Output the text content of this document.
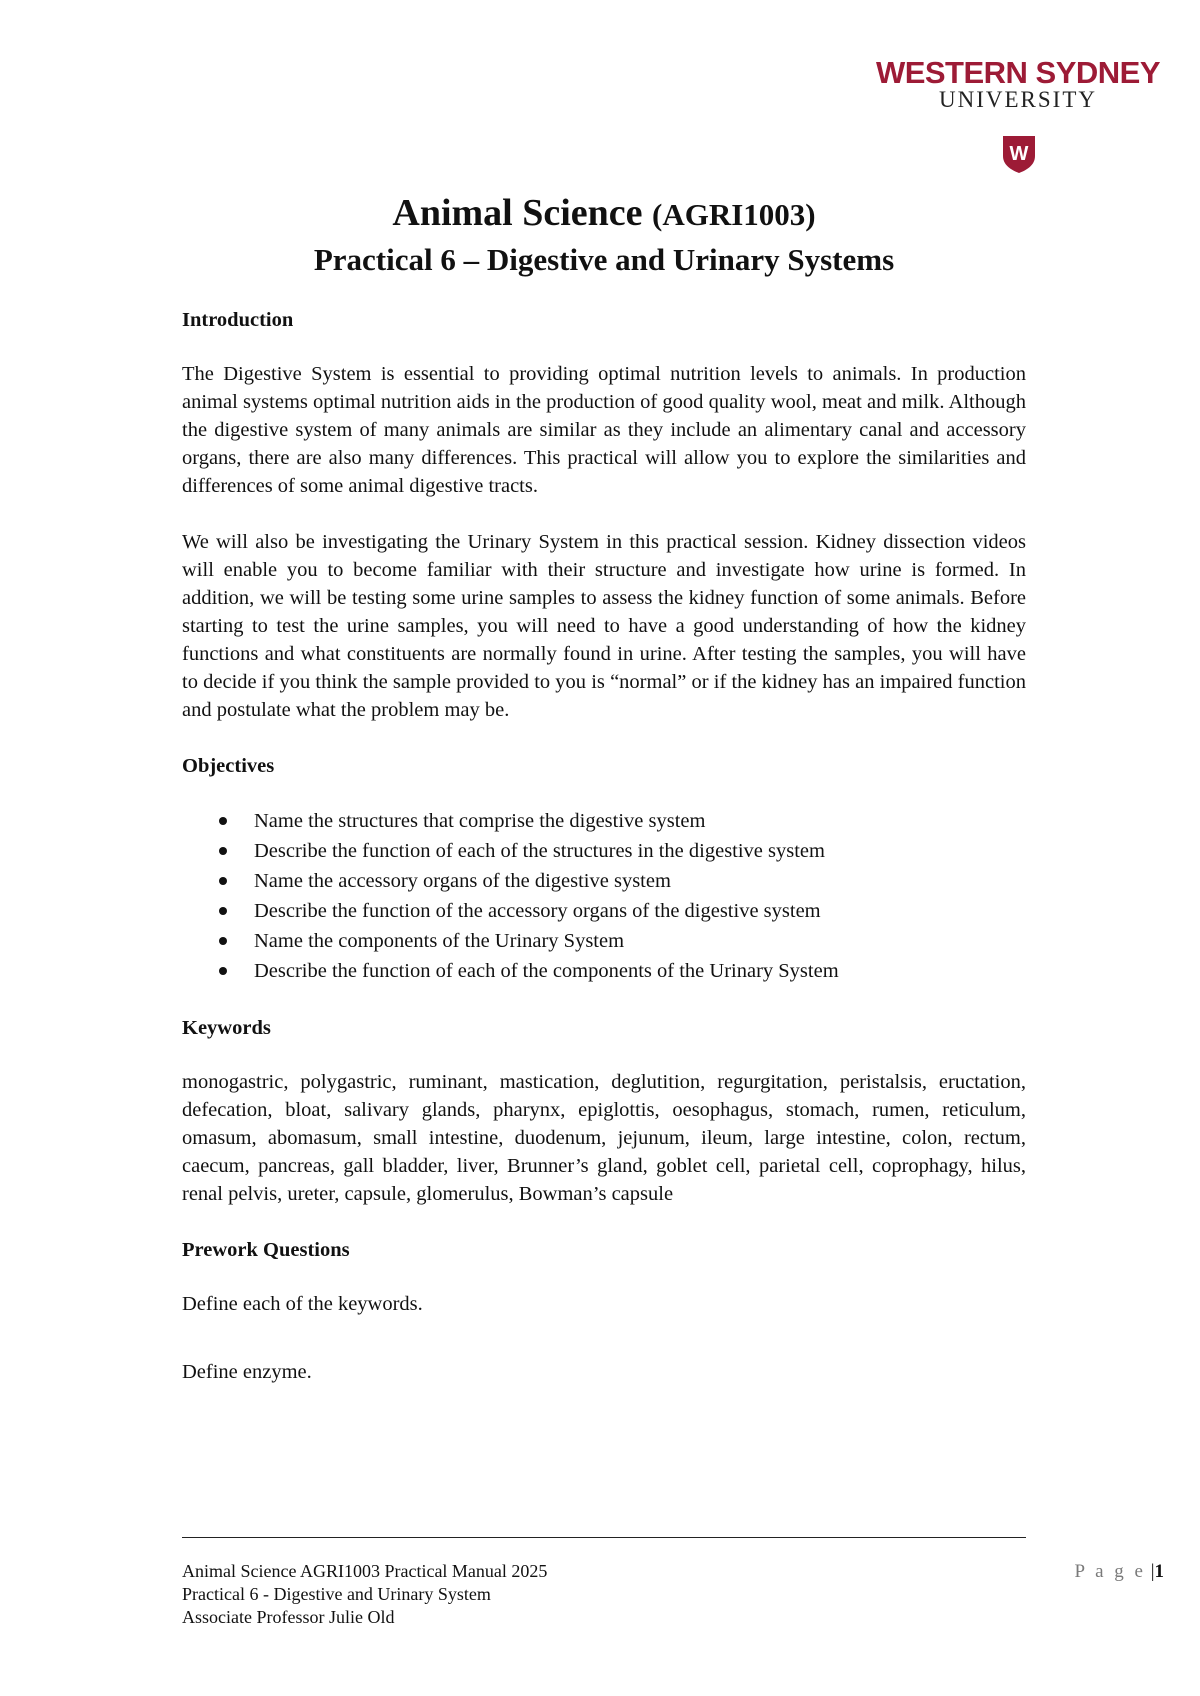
WESTERN SYDNEY
UNIVERSITY
W
Animal Science (AGRI1003)
Practical 6 – Digestive and Urinary Systems
Introduction

The Digestive System is essential to providing optimal nutrition levels to animals. In production animal systems optimal nutrition aids in the production of good quality wool, meat and milk. Although the digestive system of many animals are similar as they include an alimentary canal and accessory organs, there are also many differences. This practical will allow you to explore the similarities and differences of some animal digestive tracts.

We will also be investigating the Urinary System in this practical session. Kidney dissection videos will enable you to become familiar with their structure and investigate how urine is formed. In addition, we will be testing some urine samples to assess the kidney function of some animals. Before starting to test the urine samples, you will need to have a good understanding of how the kidney functions and what constituents are normally found in urine. After testing the samples, you will have to decide if you think the sample provided to you is “normal” or if the kidney has an impaired function and postulate what the problem may be.

Objectives
Name the structures that comprise the digestive system
Describe the function of each of the structures in the digestive system
Name the accessory organs of the digestive system
Describe the function of the accessory organs of the digestive system
Name the components of the Urinary System
Describe the function of each of the components of the Urinary System
Keywords

monogastric, polygastric, ruminant, mastication, deglutition, regurgitation, peristalsis, eructation, defecation, bloat, salivary glands, pharynx, epiglottis, oesophagus, stomach, rumen, reticulum, omasum, abomasum, small intestine, duodenum, jejunum, ileum, large intestine, colon, rectum, caecum, pancreas, gall bladder, liver, Brunner’s gland, goblet cell, parietal cell, coprophagy, hilus, renal pelvis, ureter, capsule, glomerulus, Bowman’s capsule

Prework Questions

Define each of the keywords.

Define enzyme.

Animal Science AGRI1003 Practical Manual 2025
Practical 6 - Digestive and Urinary System
Associate Professor Julie Old
P a g e |1
